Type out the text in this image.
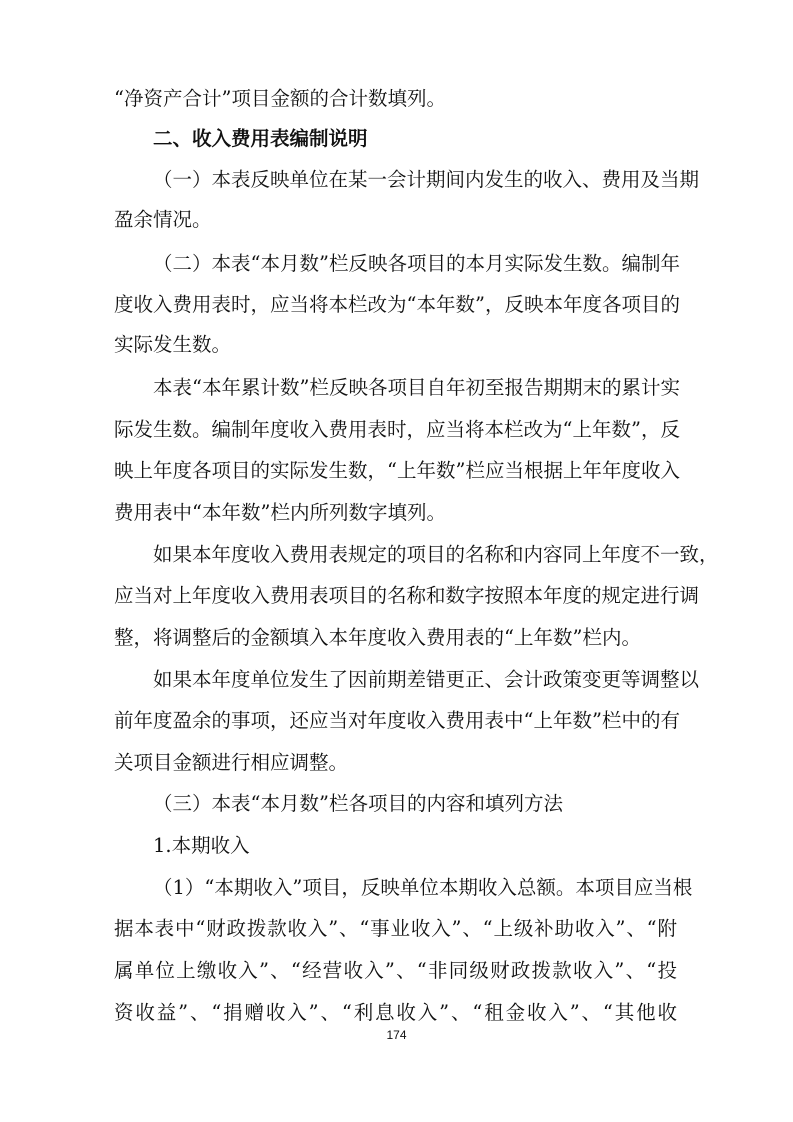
“净资产合计”项目金额的合计数填列。
二、收入费用表编制说明
（一）本表反映单位在某一会计期间内发生的收入、费用及当期
盈余情况。
（二）本表“本月数”栏反映各项目的本月实际发生数。编制年
度收入费用表时，应当将本栏改为“本年数”，反映本年度各项目的
实际发生数。
本表“本年累计数”栏反映各项目自年初至报告期期末的累计实
际发生数。编制年度收入费用表时，应当将本栏改为“上年数”，反
映上年度各项目的实际发生数，“上年数”栏应当根据上年年度收入
费用表中“本年数”栏内所列数字填列。
如果本年度收入费用表规定的项目的名称和内容同上年度不一致，
应当对上年度收入费用表项目的名称和数字按照本年度的规定进行调
整，将调整后的金额填入本年度收入费用表的“上年数”栏内。
如果本年度单位发生了因前期差错更正、会计政策变更等调整以
前年度盈余的事项，还应当对年度收入费用表中“上年数”栏中的有
关项目金额进行相应调整。
（三）本表“本月数”栏各项目的内容和填列方法
1.本期收入
（1）“本期收入”项目，反映单位本期收入总额。本项目应当根
据本表中“财政拨款收入”、“事业收入”、“上级补助收入”、“附
属单位上缴收入”、“经营收入”、“非同级财政拨款收入”、“投
资收益”、“捐赠收入”、“利息收入”、“租金收入”、“其他收
174
